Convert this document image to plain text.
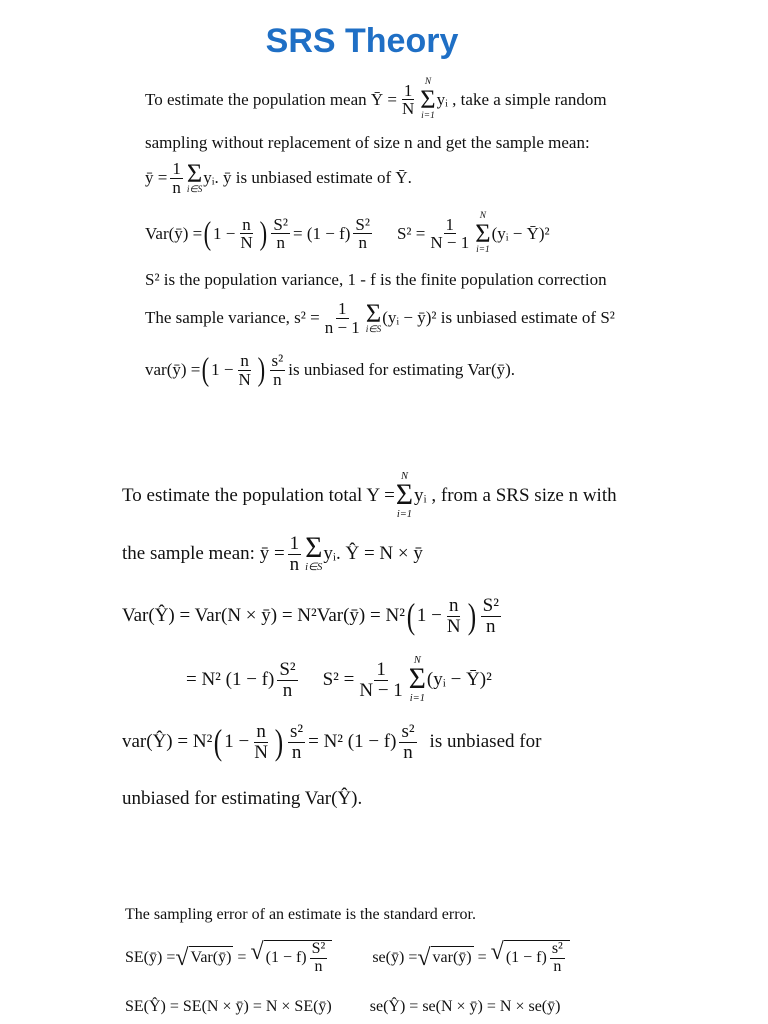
SRS Theory
To estimate the population mean Ȳ = $\frac{1}{N}$ N
Σ
i=1
yᵢ , take a simple random
sampling without replacement of size n and get the sample mean:
ȳ = $\frac{1}{n}$ Σ
i∈S
yᵢ. ȳ is unbiased estimate of Ȳ.
Var(ȳ) = ( $1 - \frac{n}{N}$ ) $\frac{\text{S²}}{n} = (1 - f) \frac{\text{S²}}{n} S^2 = \frac{1}{N - 1}$ N
Σ
i=1
(yᵢ − Ȳ)²
S² is the population variance, 1 - f is the finite population correction
The sample variance, $s^2 = \frac{1}{n - 1}$ Σ
i∈S
(yᵢ − ȳ)² is unbiased estimate of S²
var(ȳ) = ( $1 - \frac{n}{N}$ ) $\frac{\text{s²}}{n}$ is unbiased for estimating Var(ȳ).
To estimate the population total Y =
N
Σ
i=1
yᵢ , from a SRS size n with
the sample mean: ȳ = $\frac{1}{n}$ Σ
i∈S
yᵢ. Ŷ = N × ȳ
Var(Ŷ) = Var(N × ȳ) = N²Var(ȳ) = N² ( $1 - \frac{n}{N}$ ) $\frac{\text{S²}}{n}$
= N² $(1 - f) \frac{\text{S²}}{n} S^2 = \frac{1}{N - 1}$ N
Σ
i=1
(yᵢ − Ȳ)²
var(Ŷ) = N² ( $1 - \frac{n}{N}$ ) $\frac{\text{s²}}{n} = N^2$ $(1 - f) \frac{\text{s²}}{n}$ is unbiased for
unbiased for estimating Var(Ŷ).
The sampling error of an estimate is the standard error.
SE(ȳ) = √ Var(ȳ) = √ $(1 - f) \frac{\text{S²}}{n}$	se(ȳ) = √ var(ȳ) = √ $(1 - f) \frac{\text{s²}}{n}$
SE(Ŷ) = SE(N × ȳ) = N × SE(ȳ) se(Ŷ) = se(N × ȳ) = N × se(ȳ)
